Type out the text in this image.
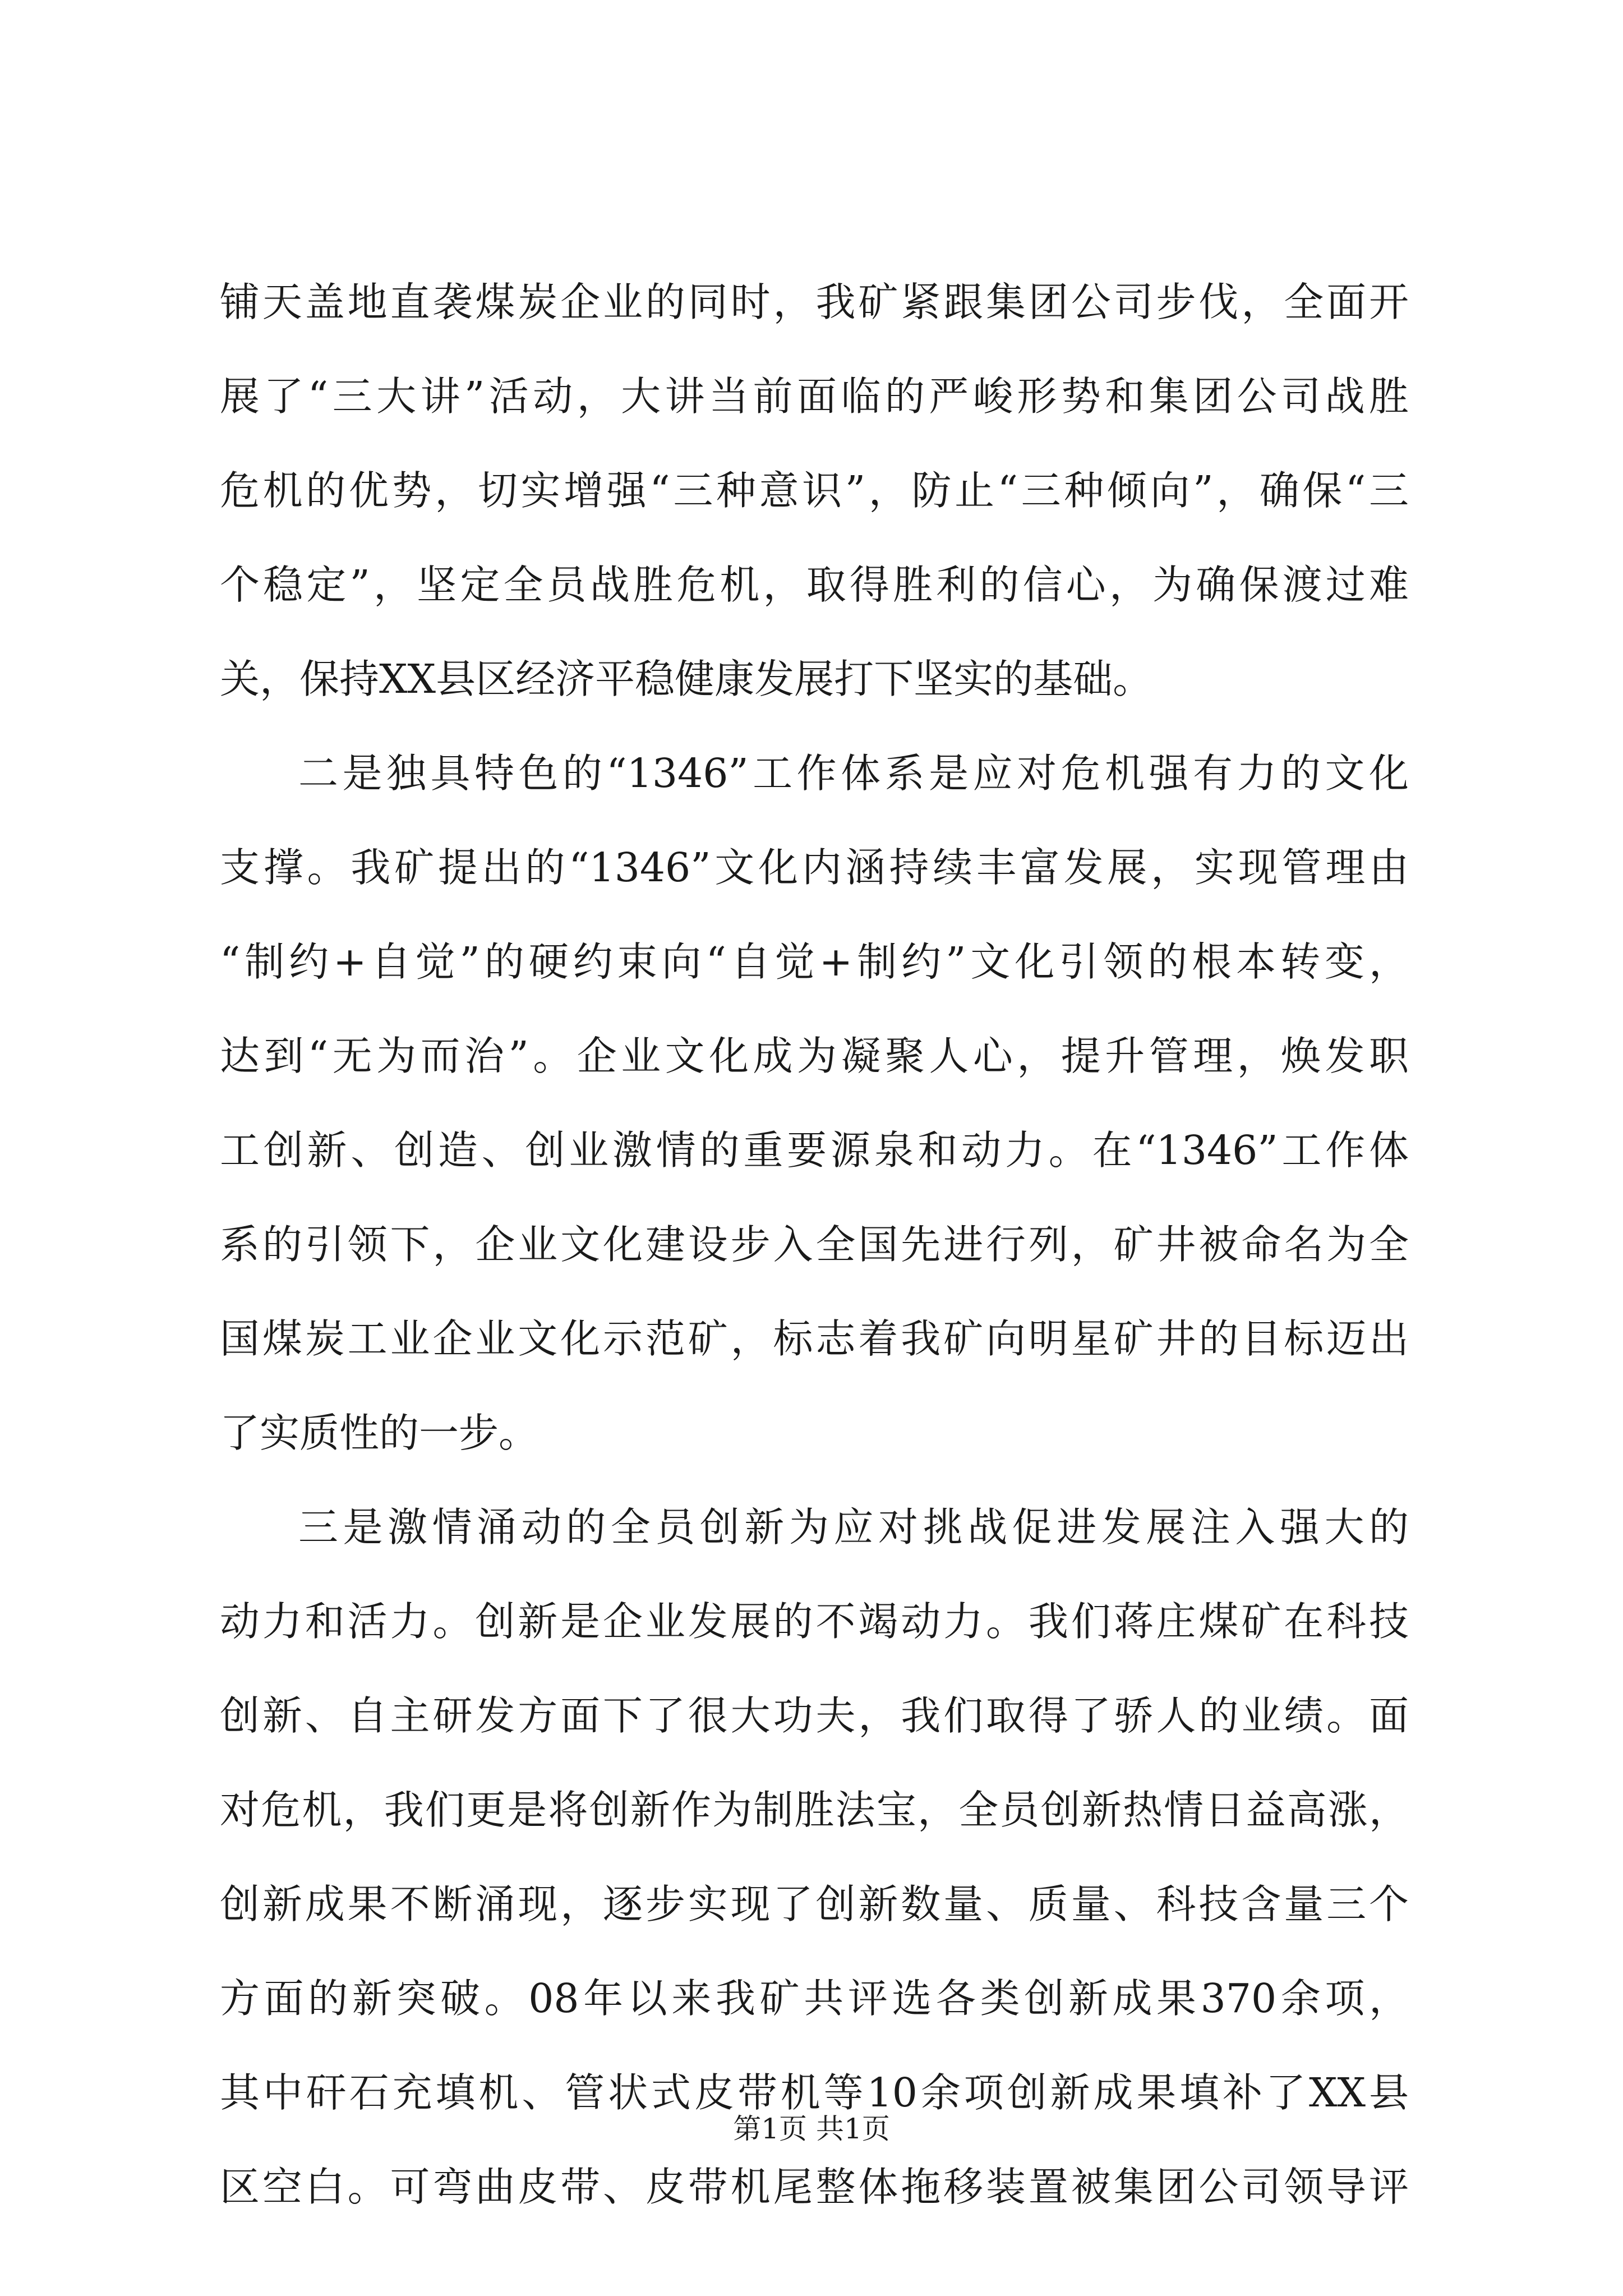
铺天盖地直袭煤炭企业的同时，我矿紧跟集团公司步伐，全面开
展了“三大讲”活动，大讲当前面临的严峻形势和集团公司战胜
危机的优势，切实增强“三种意识”，防止“三种倾向”，确保“三
个稳定”，坚定全员战胜危机，取得胜利的信心，为确保渡过难
关，保持XX县区经济平稳健康发展打下坚实的基础。
二是独具特色的“1346”工作体系是应对危机强有力的文化
支撑。我矿提出的“1346”文化内涵持续丰富发展，实现管理由
“制约+自觉”的硬约束向“自觉+制约”文化引领的根本转变，
达到“无为而治”。企业文化成为凝聚人心，提升管理，焕发职
工创新、创造、创业激情的重要源泉和动力。在“1346”工作体
系的引领下，企业文化建设步入全国先进行列，矿井被命名为全
国煤炭工业企业文化示范矿，标志着我矿向明星矿井的目标迈出
了实质性的一步。
三是激情涌动的全员创新为应对挑战促进发展注入强大的
动力和活力。创新是企业发展的不竭动力。我们蒋庄煤矿在科技
创新、自主研发方面下了很大功夫，我们取得了骄人的业绩。面
对危机，我们更是将创新作为制胜法宝，全员创新热情日益高涨，
创新成果不断涌现，逐步实现了创新数量、质量、科技含量三个
方面的新突破。08年以来我矿共评选各类创新成果370余项，
其中矸石充填机、管状式皮带机等10余项创新成果填补了XX县
区空白。可弯曲皮带、皮带机尾整体拖移装置被集团公司领导评
第1页 共1页
